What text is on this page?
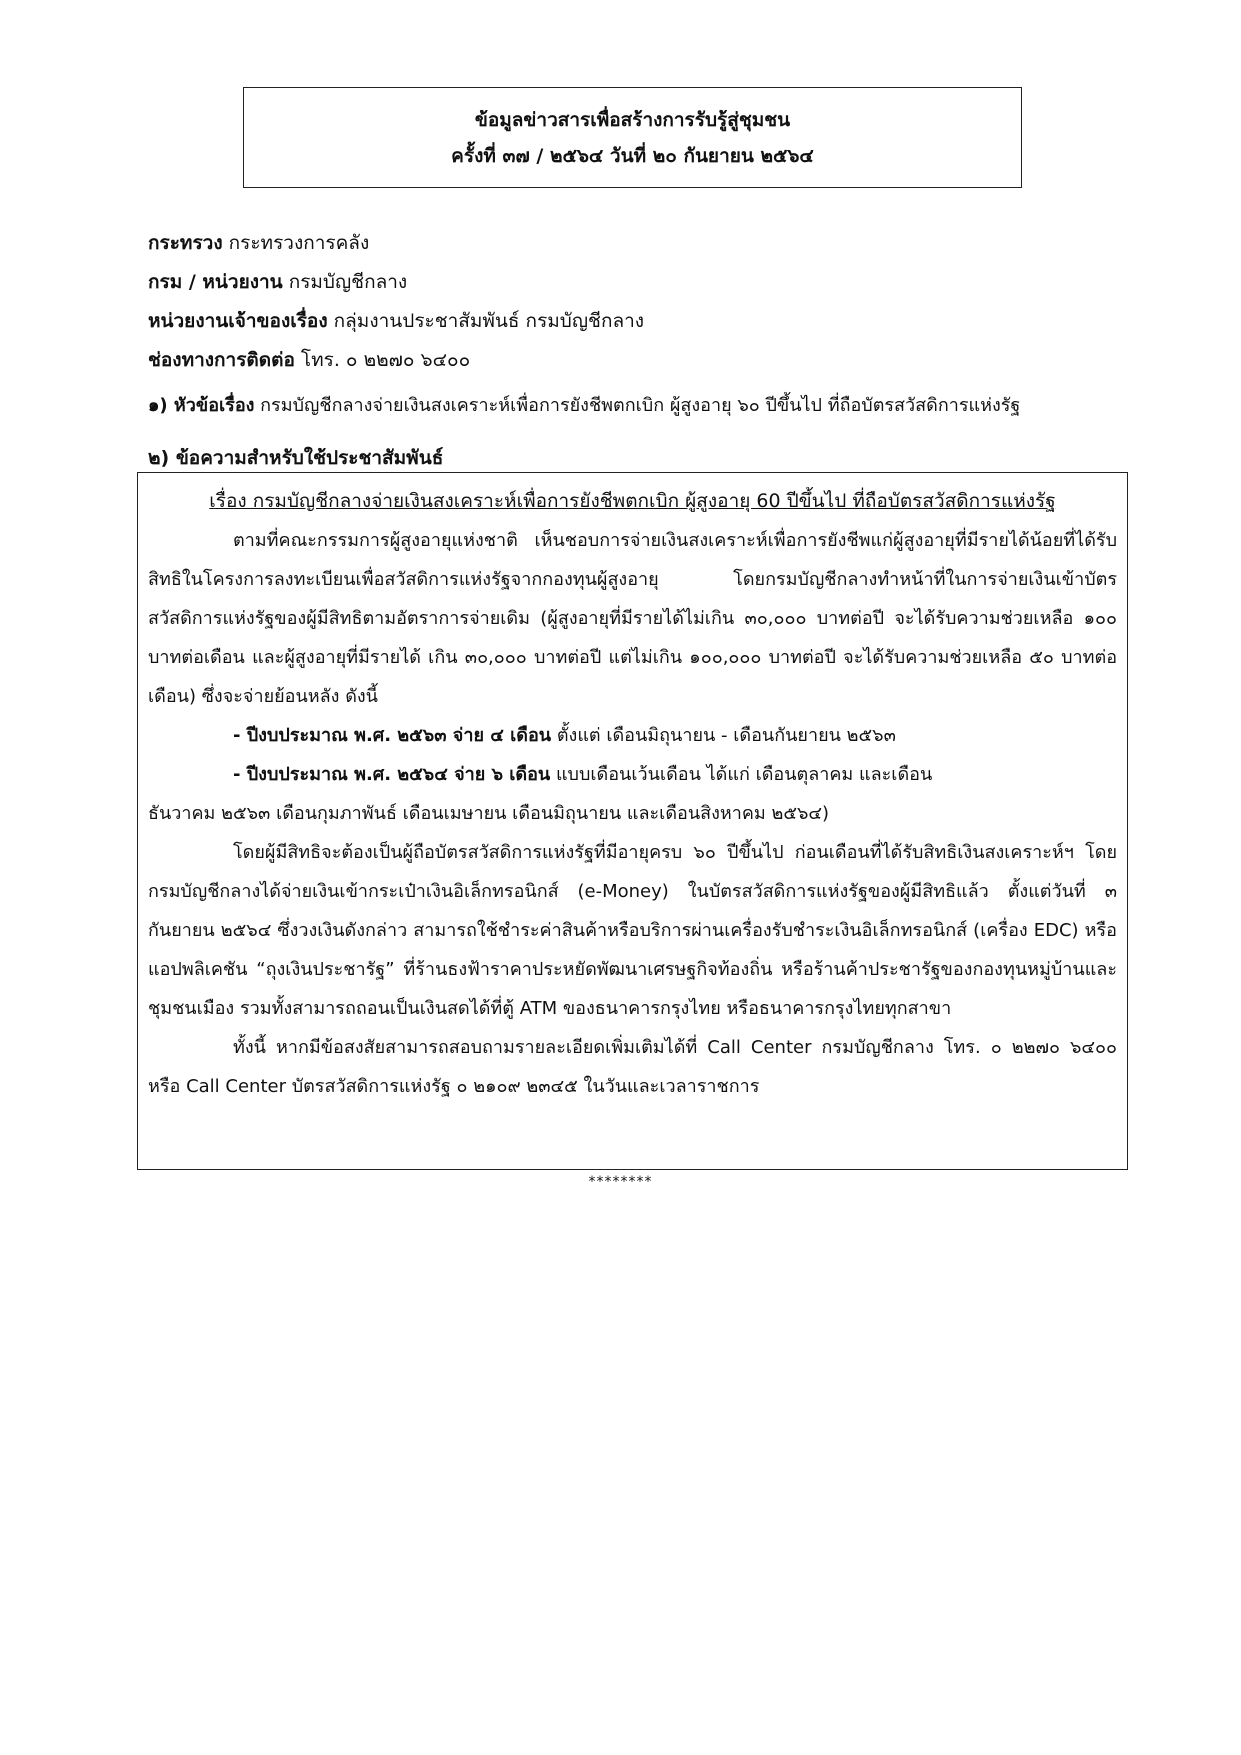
ข้อมูลข่าวสารเพื่อสร้างการรับรู้สู่ชุมชน
ครั้งที่ ๓๗ / ๒๕๖๔ วันที่ ๒๐ กันยายน ๒๕๖๔
กระทรวง กระทรวงการคลัง
กรม / หน่วยงาน กรมบัญชีกลาง
หน่วยงานเจ้าของเรื่อง กลุ่มงานประชาสัมพันธ์ กรมบัญชีกลาง
ช่องทางการติดต่อ โทร. ๐ ๒๒๗๐ ๖๔๐๐
๑) หัวข้อเรื่อง กรมบัญชีกลางจ่ายเงินสงเคราะห์เพื่อการยังชีพตกเบิก ผู้สูงอายุ ๖๐ ปีขึ้นไป ที่ถือบัตรสวัสดิการแห่งรัฐ
๒) ข้อความสำหรับใช้ประชาสัมพันธ์
เรื่อง กรมบัญชีกลางจ่ายเงินสงเคราะห์เพื่อการยังชีพตกเบิก ผู้สูงอายุ 60 ปีขึ้นไป ที่ถือบัตรสวัสดิการแห่งรัฐ

ตามที่คณะกรรมการผู้สูงอายุแห่งชาติ เห็นชอบการจ่ายเงินสงเคราะห์เพื่อการยังชีพแก่ผู้สูงอายุที่มีรายได้น้อยที่ได้รับสิทธิในโครงการลงทะเบียนเพื่อสวัสดิการแห่งรัฐจากกองทุนผู้สูงอายุ โดยกรมบัญชีกลางทำหน้าที่ในการจ่ายเงินเข้าบัตรสวัสดิการแห่งรัฐของผู้มีสิทธิตามอัตราการจ่ายเดิม (ผู้สูงอายุที่มีรายได้ไม่เกิน ๓๐,๐๐๐ บาทต่อปี จะได้รับความช่วยเหลือ ๑๐๐ บาทต่อเดือน และผู้สูงอายุที่มีรายได้ เกิน ๓๐,๐๐๐ บาทต่อปี แต่ไม่เกิน ๑๐๐,๐๐๐ บาทต่อปี จะได้รับความช่วยเหลือ ๕๐ บาทต่อเดือน) ซึ่งจะจ่ายย้อนหลัง ดังนี้

- ปีงบประมาณ พ.ศ. ๒๕๖๓ จ่าย ๔ เดือน ตั้งแต่ เดือนมิถุนายน - เดือนกันยายน ๒๕๖๓
- ปีงบประมาณ พ.ศ. ๒๕๖๔ จ่าย ๖ เดือน แบบเดือนเว้นเดือน ได้แก่ เดือนตุลาคม และเดือน

ธันวาคม ๒๕๖๓ เดือนกุมภาพันธ์ เดือนเมษายน เดือนมิถุนายน และเดือนสิงหาคม ๒๕๖๔)

โดยผู้มีสิทธิจะต้องเป็นผู้ถือบัตรสวัสดิการแห่งรัฐที่มีอายุครบ ๖๐ ปีขึ้นไป ก่อนเดือนที่ได้รับสิทธิเงินสงเคราะห์ฯ โดยกรมบัญชีกลางได้จ่ายเงินเข้ากระเป๋าเงินอิเล็กทรอนิกส์ (e-Money) ในบัตรสวัสดิการแห่งรัฐของผู้มีสิทธิแล้ว ตั้งแต่วันที่ ๓ กันยายน ๒๕๖๔ ซึ่งวงเงินดังกล่าว สามารถใช้ชำระค่าสินค้าหรือบริการผ่านเครื่องรับชำระเงินอิเล็กทรอนิกส์ (เครื่อง EDC) หรือแอปพลิเคชัน “ถุงเงินประชารัฐ” ที่ร้านธงฟ้าราคาประหยัดพัฒนาเศรษฐกิจท้องถิ่น หรือร้านค้าประชารัฐของกองทุนหมู่บ้านและชุมชนเมือง รวมทั้งสามารถถอนเป็นเงินสดได้ที่ตู้ ATM ของธนาคารกรุงไทย หรือธนาคารกรุงไทยทุกสาขา

ทั้งนี้ หากมีข้อสงสัยสามารถสอบถามรายละเอียดเพิ่มเติมได้ที่ Call Center กรมบัญชีกลาง โทร. ๐ ๒๒๗๐ ๖๔๐๐ หรือ Call Center บัตรสวัสดิการแห่งรัฐ ๐ ๒๑๐๙ ๒๓๔๕ ในวันและเวลาราชการ

********
